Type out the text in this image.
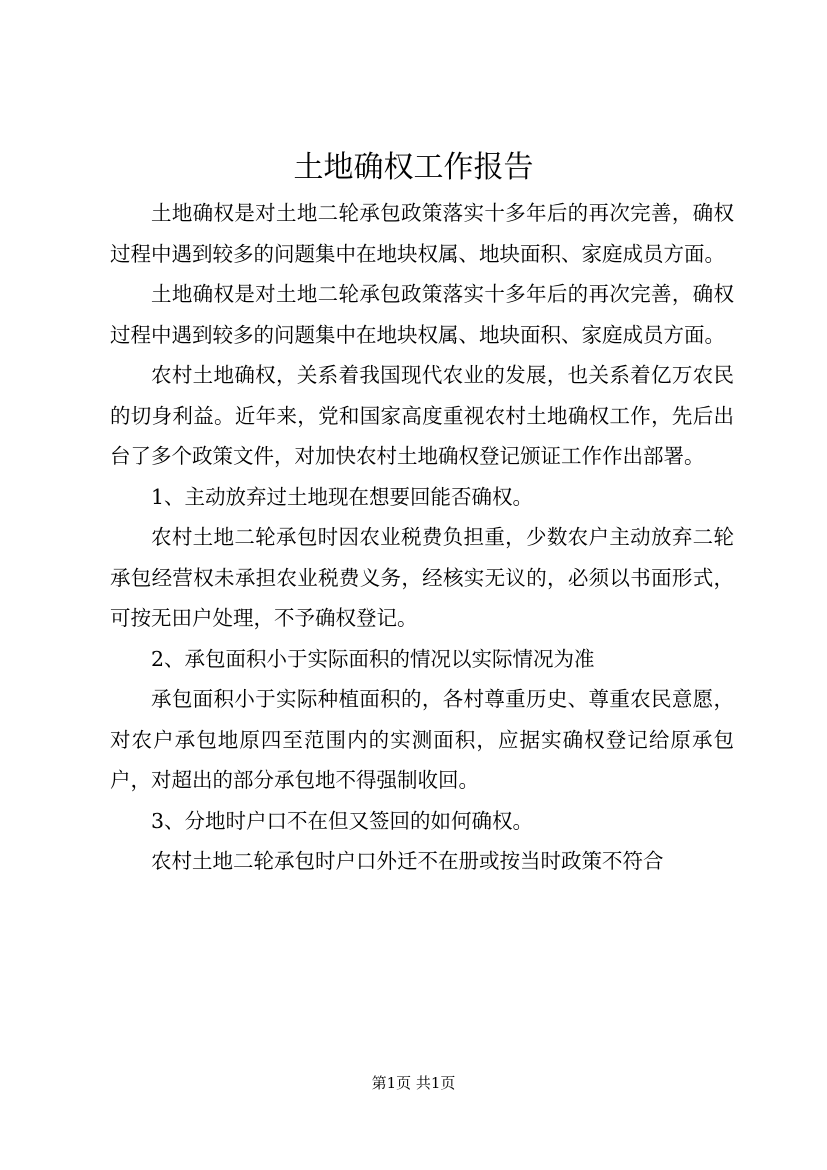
土地确权工作报告

土地确权是对土地二轮承包政策落实十多年后的再次完善，确权过程中遇到较多的问题集中在地块权属、地块面积、家庭成员方面。

土地确权是对土地二轮承包政策落实十多年后的再次完善，确权过程中遇到较多的问题集中在地块权属、地块面积、家庭成员方面。

农村土地确权，关系着我国现代农业的发展，也关系着亿万农民的切身利益。近年来，党和国家高度重视农村土地确权工作，先后出台了多个政策文件，对加快农村土地确权登记颁证工作作出部署。

1、主动放弃过土地现在想要回能否确权。

农村土地二轮承包时因农业税费负担重，少数农户主动放弃二轮承包经营权未承担农业税费义务，经核实无议的，必须以书面形式，可按无田户处理，不予确权登记。

2、承包面积小于实际面积的情况以实际情况为准

承包面积小于实际种植面积的，各村尊重历史、尊重农民意愿，对农户承包地原四至范围内的实测面积，应据实确权登记给原承包户，对超出的部分承包地不得强制收回。

3、分地时户口不在但又签回的如何确权。

农村土地二轮承包时户口外迁不在册或按当时政策不符合

第1页 共1页
